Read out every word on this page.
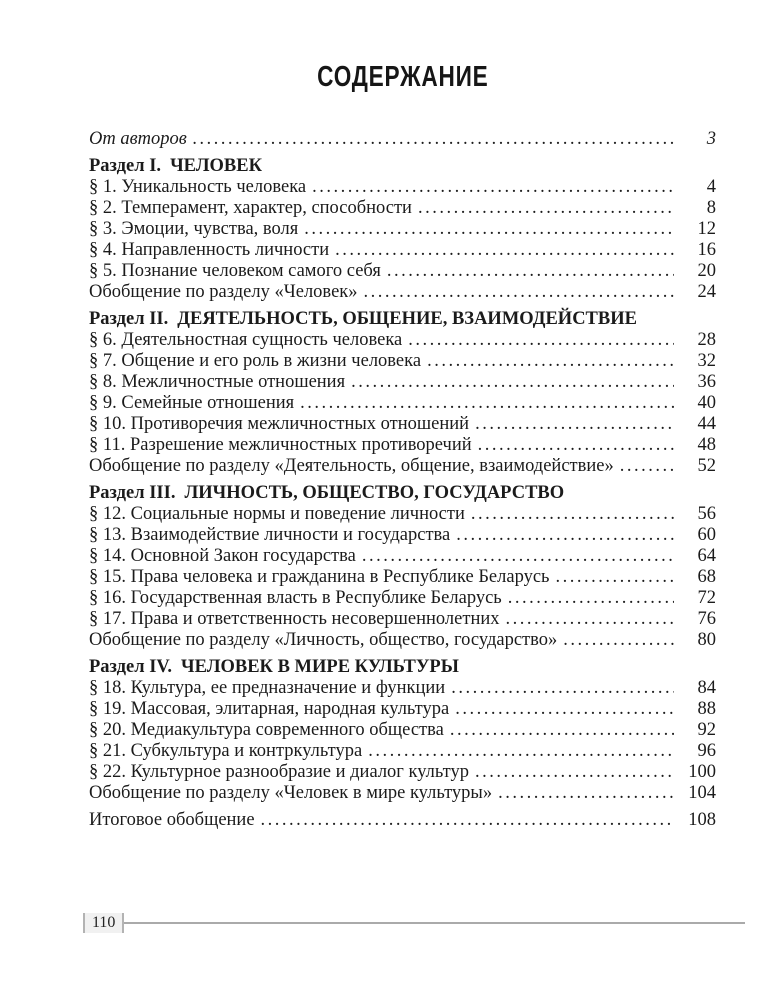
СОДЕРЖАНИЕ
От авторов .....	3
Раздел I. ЧЕЛОВЕК
§ 1. Уникальность человека .....	4
§ 2. Темперамент, характер, способности .....	8
§ 3. Эмоции, чувства, воля .....	12
§ 4. Направленность личности .....	16
§ 5. Познание человеком самого себя .....	20
Обобщение по разделу «Человек» .....	24
Раздел II. ДЕЯТЕЛЬНОСТЬ, ОБЩЕНИЕ, ВЗАИМОДЕЙСТВИЕ
§ 6. Деятельностная сущность человека .....	28
§ 7. Общение и его роль в жизни человека .....	32
§ 8. Межличностные отношения .....	36
§ 9. Семейные отношения .....	40
§ 10. Противоречия межличностных отношений .....	44
§ 11. Разрешение межличностных противоречий .....	48
Обобщение по разделу «Деятельность, общение, взаимодействие» .....	52
Раздел III. ЛИЧНОСТЬ, ОБЩЕСТВО, ГОСУДАРСТВО
§ 12. Социальные нормы и поведение личности .....	56
§ 13. Взаимодействие личности и государства .....	60
§ 14. Основной Закон государства .....	64
§ 15. Права человека и гражданина в Республике Беларусь .....	68
§ 16. Государственная власть в Республике Беларусь .....	72
§ 17. Права и ответственность несовершеннолетних .....	76
Обобщение по разделу «Личность, общество, государство» .....	80
Раздел IV. ЧЕЛОВЕК В МИРЕ КУЛЬТУРЫ
§ 18. Культура, ее предназначение и функции .....	84
§ 19. Массовая, элитарная, народная культура .....	88
§ 20. Медиакультура современного общества .....	92
§ 21. Субкультура и контркультура .....	96
§ 22. Культурное разнообразие и диалог культур .....	100
Обобщение по разделу «Человек в мире культуры» .....	104
Итоговое обобщение .....	108
110
